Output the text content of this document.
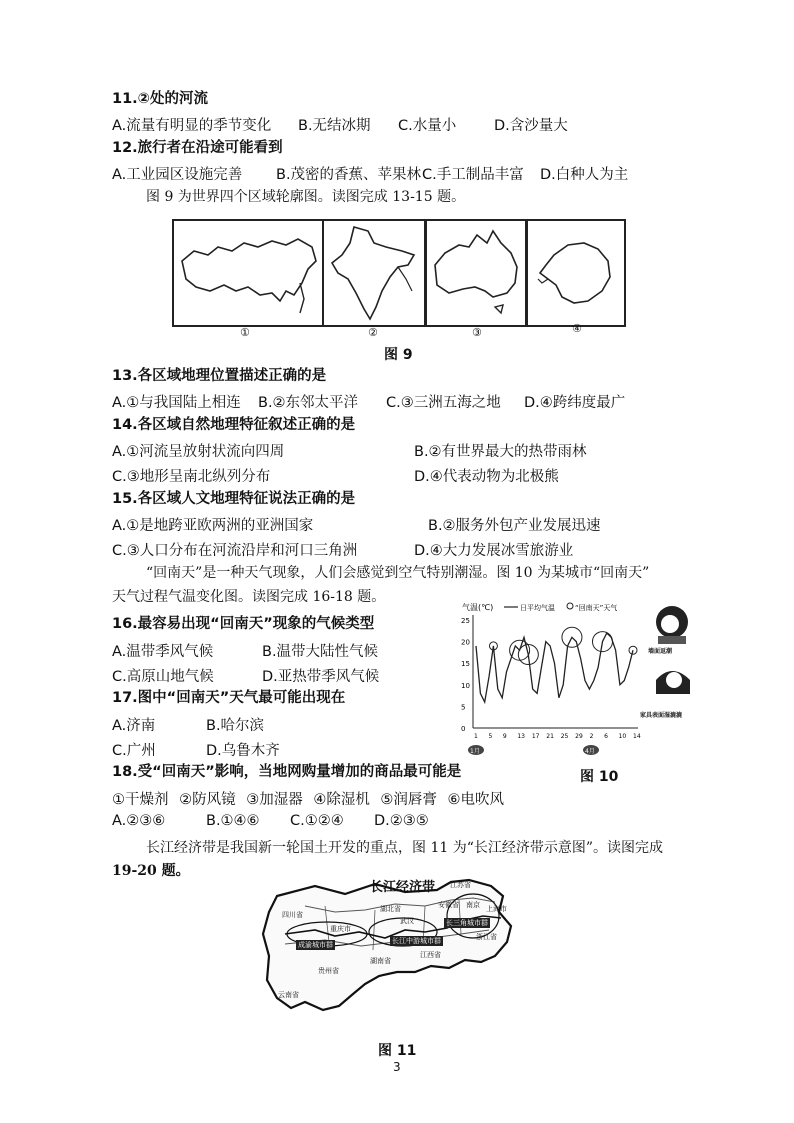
11.②处的河流
A.流量有明显的季节变化 B.无结冰期 C.水量小	D.含沙量大
12.旅行者在沿途可能看到
A.工业园区设施完善 B.茂密的香蕉、苹果林 C.手工制品丰富 D.白种人为主
图 9 为世界四个区域轮廓图。读图完成 13-15 题。
①	②	③	④
图 9
13.各区域地理位置描述正确的是
A.①与我国陆上相连 B.②东邻太平洋 C.③三洲五海之地 D.④跨纬度最广
14.各区域自然地理特征叙述正确的是
A.①河流呈放射状流向四周	B.②有世界最大的热带雨林
C.③地形呈南北纵列分布	D.④代表动物为北极熊
15.各区域人文地理特征说法正确的是
A.①是地跨亚欧两洲的亚洲国家	B.②服务外包产业发展迅速
C.③人口分布在河流沿岸和河口三角洲	D.④大力发展冰雪旅游业
“回南天”是一种天气现象，人们会感觉到空气特别潮湿。图 10 为某城市“回南天”
天气过程气温变化图。读图完成 16-18 题。
16.最容易出现“回南天”现象的气候类型
A.温带季风气候	B.温带大陆性气候
C.高原山地气候	D.亚热带季风气候
17.图中“回南天”天气最可能出现在
A.济南	B.哈尔滨
C.广州	D.乌鲁木齐
气温(℃)	日平均气温	“回南天”天气
0
5
10
15
20
25
1 5 9 13 17 21 25 29 2 6 10 14
1月	4月
墙面返潮
家具表面湿漉漉
图 10
18.受“回南天”影响，当地网购量增加的商品最可能是
①干燥剂 ②防风镜 ③加湿器 ④除湿机 ⑤润唇膏 ⑥电吹风
A.②③⑥	B.①④⑥ C.①②④ D.②③⑤
长江经济带是我国新一轮国土开发的重点，图 11 为“长江经济带示意图”。读图完成
19-20 题。
长江经济带
四川省
重庆市
湖北省	安徽省
江苏省
上海市
浙江省
江西省
湖南省
贵州省
云南省
成渝城市群	长江中游城市群
长三角城市群
武汉
南京
图 11
3
